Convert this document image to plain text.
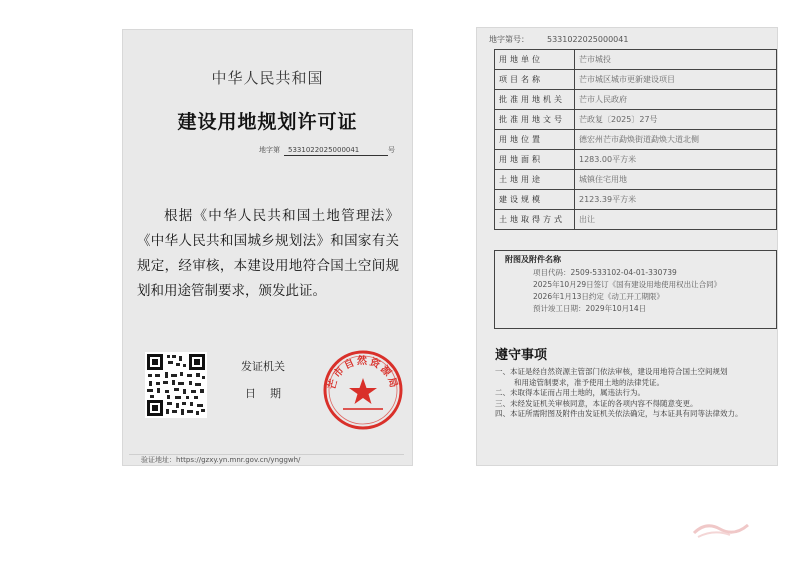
中华人民共和国
建设用地规划许可证
地字第 5331022025000041	号
根据《中华人民共和国土地管理法》《中华人民共和国城乡规划法》和国家有关规定，经审核，本建设用地符合国土空间规划和用途管制要求，颁发此证。
发证机关
日期
芒市自然资源局
验证地址：https://gzxy.yn.mnr.gov.cn/ynggwh/
地字第号： 5331022025000041
用地单位	芒市城投
项目名称	芒市城区城市更新建设项目
批准用地机关	芒市人民政府
批准用地文号	芒政复〔2025〕27号
用地位置	德宏州芒市勐焕街道勐焕大道北侧
用地面积	1283.00平方米
土地用途	城镇住宅用地
建设规模	2123.39平方米
土地取得方式	出让
附图及附件名称
项目代码：2509-533102-04-01-330739
2025年10月29日签订《国有建设用地使用权出让合同》
2026年1月13日约定《动工开工期限》
预计竣工日期：2029年10月14日
遵守事项
一、本证是经自然资源主管部门依法审核，建设用地符合国土空间规划
和用途管制要求，准予使用土地的法律凭证。
二、未取得本证而占用土地的，属违法行为。
三、未经发证机关审核同意，本证的各项内容不得随意变更。
四、本证所需附图及附件由发证机关依法确定，与本证具有同等法律效力。
